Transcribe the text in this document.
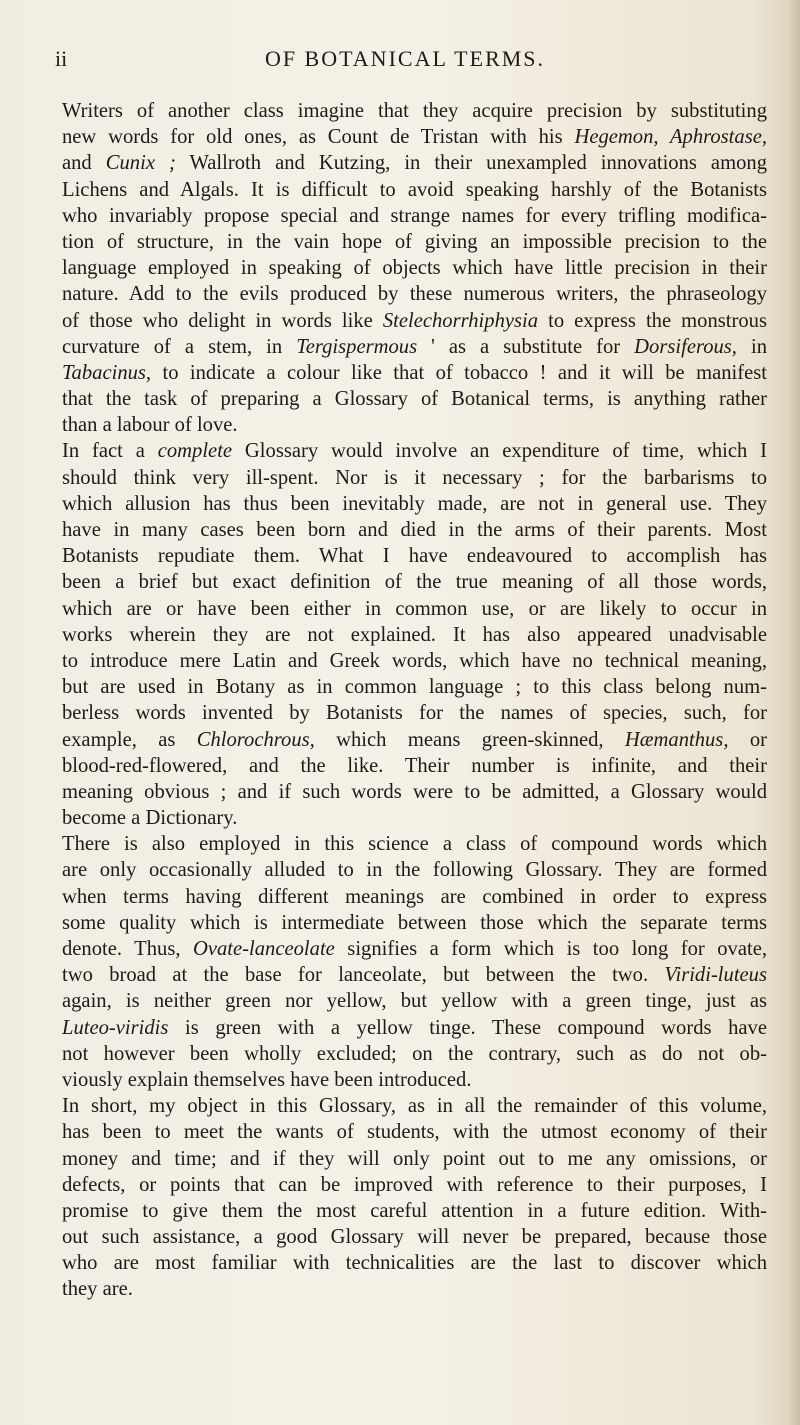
ii	OF BOTANICAL TERMS.
Writers of another class imagine that they acquire precision by substituting
new words for old ones, as Count de Tristan with his Hegemon, Aphrostase,
and Cunix ; Wallroth and Kutzing, in their unexampled innovations among
Lichens and Algals. It is difficult to avoid speaking harshly of the Botanists
who invariably propose special and strange names for every trifling modifica-
tion of structure, in the vain hope of giving an impossible precision to the
language employed in speaking of objects which have little precision in their
nature. Add to the evils produced by these numerous writers, the phraseology
of those who delight in words like Stelechorrhiphysia to express the monstrous
curvature of a stem, in Tergispermous ' as a substitute for Dorsiferous, in
Tabacinus, to indicate a colour like that of tobacco ! and it will be manifest
that the task of preparing a Glossary of Botanical terms, is anything rather
than a labour of love.
In fact a complete Glossary would involve an expenditure of time, which I
should think very ill-spent. Nor is it necessary ; for the barbarisms to
which allusion has thus been inevitably made, are not in general use. They
have in many cases been born and died in the arms of their parents. Most
Botanists repudiate them. What I have endeavoured to accomplish has
been a brief but exact definition of the true meaning of all those words,
which are or have been either in common use, or are likely to occur in
works wherein they are not explained. It has also appeared unadvisable
to introduce mere Latin and Greek words, which have no technical meaning,
but are used in Botany as in common language ; to this class belong num-
berless words invented by Botanists for the names of species, such, for
example, as Chlorochrous, which means green-skinned, Hæmanthus, or
blood-red-flowered, and the like. Their number is infinite, and their
meaning obvious ; and if such words were to be admitted, a Glossary would
become a Dictionary.
There is also employed in this science a class of compound words which
are only occasionally alluded to in the following Glossary. They are formed
when terms having different meanings are combined in order to express
some quality which is intermediate between those which the separate terms
denote. Thus, Ovate-lanceolate signifies a form which is too long for ovate,
two broad at the base for lanceolate, but between the two. Viridi-luteus
again, is neither green nor yellow, but yellow with a green tinge, just as
Luteo-viridis is green with a yellow tinge. These compound words have
not however been wholly excluded; on the contrary, such as do not ob-
viously explain themselves have been introduced.
In short, my object in this Glossary, as in all the remainder of this volume,
has been to meet the wants of students, with the utmost economy of their
money and time; and if they will only point out to me any omissions, or
defects, or points that can be improved with reference to their purposes, I
promise to give them the most careful attention in a future edition. With-
out such assistance, a good Glossary will never be prepared, because those
who are most familiar with technicalities are the last to discover which
they are.
